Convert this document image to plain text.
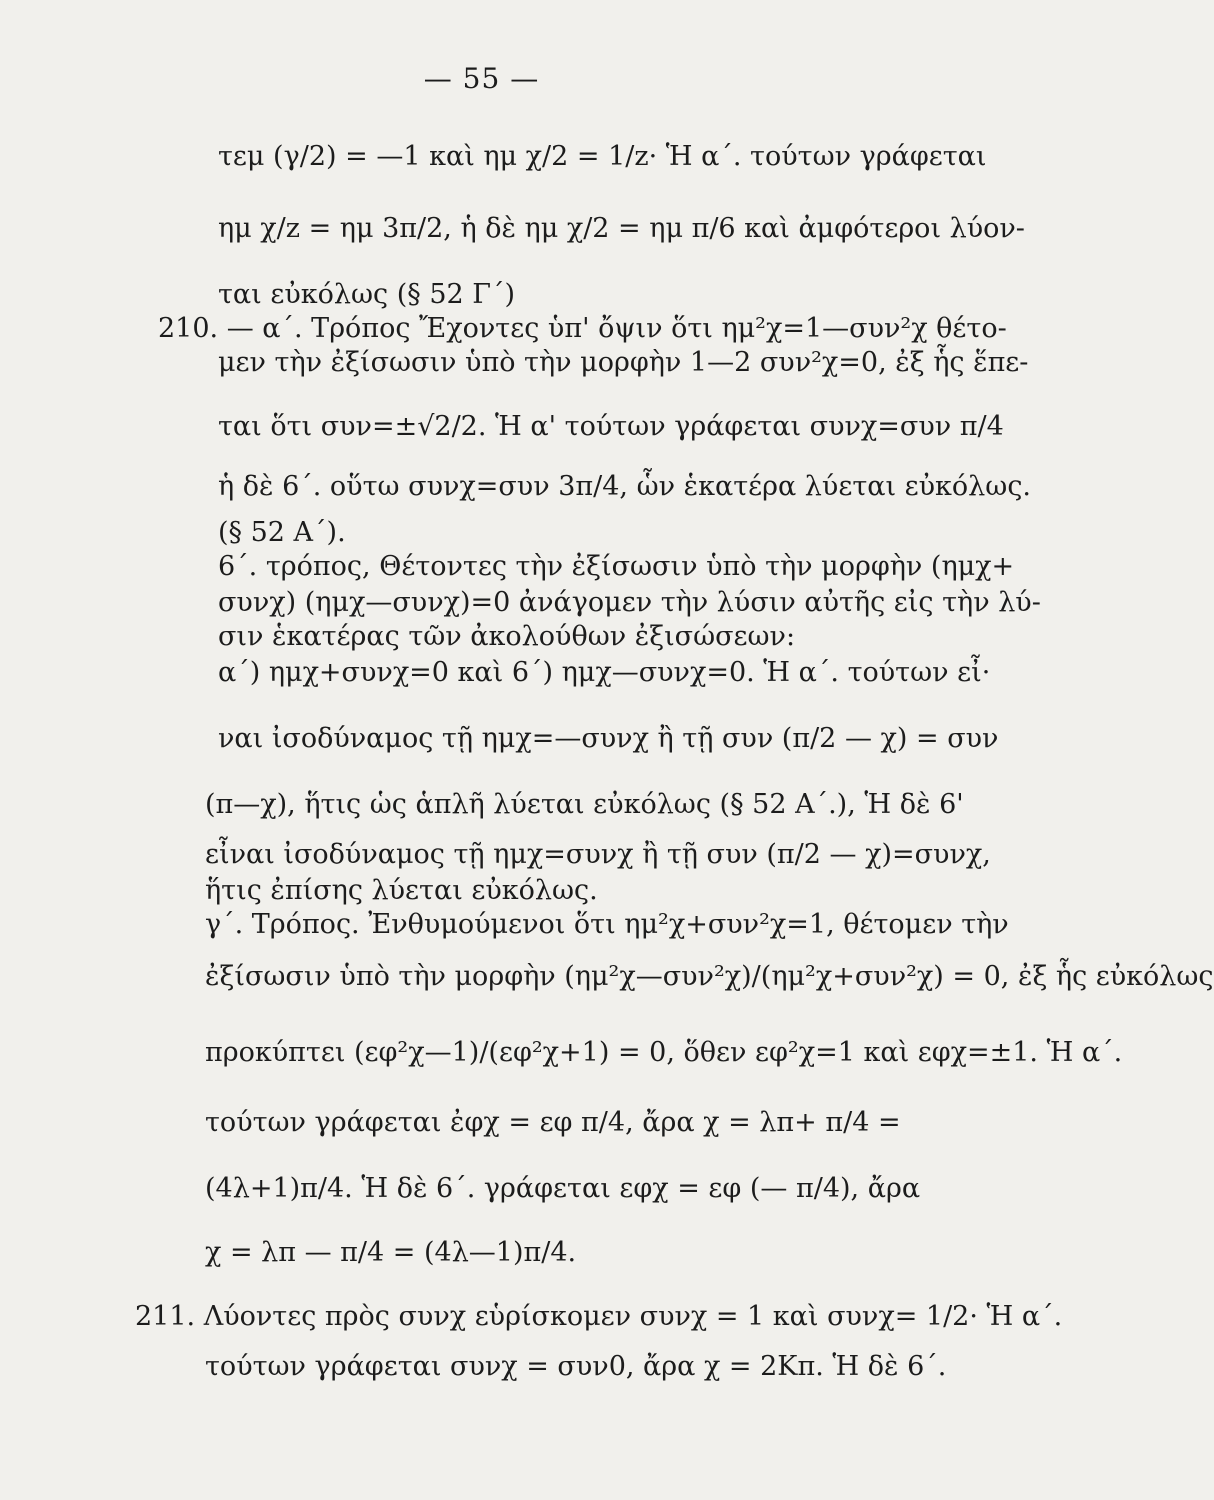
— 55 —
τεμ (γ/2) = —1 καὶ ημ χ/2 = 1/z· Ἡ α΄. τούτων γράφεται
ημ χ/z = ημ 3π/2, ἡ δὲ ημ χ/2 = ημ π/6 καὶ ἀμφότεροι λύον-
ται εὐκόλως (§ 52 Γ΄)
210. — α΄. Τρόπος Ἔχοντες ὑπ' ὄψιν ὅτι ημ²χ=1—συν²χ θέτο-
μεν τὴν ἐξίσωσιν ὑπὸ τὴν μορφὴν 1—2 συν²χ=0, ἐξ ἧς ἕπε-
ται ὅτι συν=±√2/2. Ἡ α' τούτων γράφεται συνχ=συν π/4
ἡ δὲ 6΄. οὕτω συνχ=συν 3π/4, ὧν ἑκατέρα λύεται εὐκόλως.
(§ 52 Α΄).
6΄. τρόπος, Θέτοντες τὴν ἐξίσωσιν ὑπὸ τὴν μορφὴν (ημχ+
συνχ) (ημχ—συνχ)=0 ἀνάγομεν τὴν λύσιν αὐτῆς εἰς τὴν λύ-
σιν ἑκατέρας τῶν ἀκολούθων ἐξισώσεων:
α΄) ημχ+συνχ=0 καὶ 6΄) ημχ—συνχ=0. Ἡ α΄. τούτων εἶ·
ναι ἰσοδύναμος τῇ ημχ=—συνχ ἢ τῇ συν (π/2 — χ) = συν
(π—χ), ἥτις ὡς ἁπλῆ λύεται εὐκόλως (§ 52 Α΄.), Ἡ δὲ 6'
εἶναι ἰσοδύναμος τῇ ημχ=συνχ ἢ τῇ συν (π/2 — χ)=συνχ,
ἥτις ἐπίσης λύεται εὐκόλως.
γ΄. Τρόπος. Ἐνθυμούμενοι ὅτι ημ²χ+συν²χ=1, θέτομεν τὴν
ἐξίσωσιν ὑπὸ τὴν μορφὴν (ημ²χ—συν²χ)/(ημ²χ+συν²χ) = 0, ἐξ ἧς εὐκόλως
προκύπτει (εφ²χ—1)/(εφ²χ+1) = 0, ὅθεν εφ²χ=1 καὶ εφχ=±1. Ἡ α΄.
τούτων γράφεται ἐφχ = εφ π/4, ἄρα χ = λπ+ π/4 =
(4λ+1)π/4. Ἡ δὲ 6΄. γράφεται εφχ = εφ (— π/4), ἄρα
χ = λπ — π/4 = (4λ—1)π/4.
211. Λύοντες πρὸς συνχ εὑρίσκομεν συνχ = 1 καὶ συνχ= 1/2· Ἡ α΄.
τούτων γράφεται συνχ = συν0, ἄρα χ = 2Κπ. Ἡ δὲ 6΄.
